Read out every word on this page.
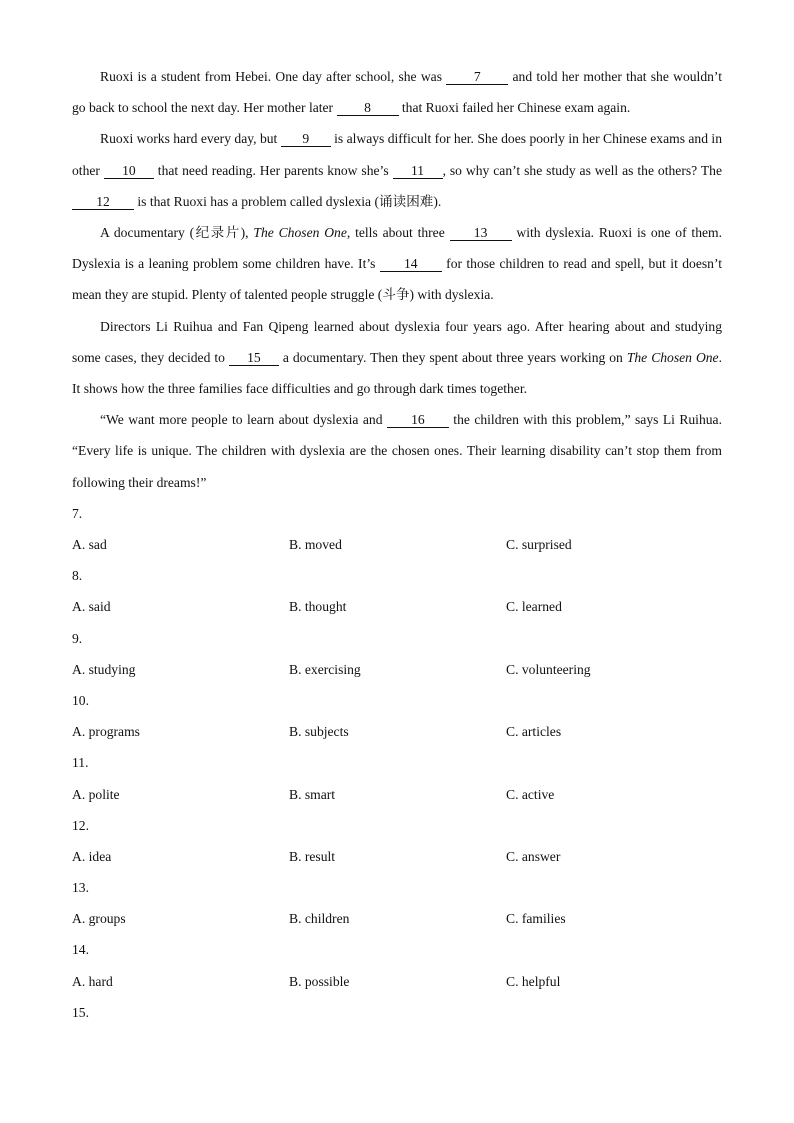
Ruoxi is a student from Hebei. One day after school, she was 7 and told her mother that she wouldn’t go back to school the next day. Her mother later 8 that Ruoxi failed her Chinese exam again.

Ruoxi works hard every day, but 9 is always difficult for her. She does poorly in her Chinese exams and in other 10 that need reading. Her parents know she’s 11 , so why can’t she study as well as the others? The 12 is that Ruoxi has a problem called dyslexia (诵读困难).

A documentary (纪录片), The Chosen One, tells about three 13 with dyslexia. Ruoxi is one of them. Dyslexia is a leaning problem some children have. It’s 14 for those children to read and spell, but it doesn’t mean they are stupid. Plenty of talented people struggle (斗争) with dyslexia.

Directors Li Ruihua and Fan Qipeng learned about dyslexia four years ago. After hearing about and studying some cases, they decided to 15 a documentary. Then they spent about three years working on The Chosen One. It shows how the three families face difficulties and go through dark times together.

“We want more people to learn about dyslexia and 16 the children with this problem,” says Li Ruihua. “Every life is unique. The children with dyslexia are the chosen ones. Their learning disability can’t stop them from following their dreams!”

7.
A. sad	B. moved	C. surprised
8.
A. said	B. thought	C. learned
9.
A. studying	B. exercising	C. volunteering
10.
A. programs	B. subjects	C. articles
11.
A. polite	B. smart	C. active
12.
A. idea	B. result	C. answer
13.
A. groups	B. children	C. families
14.
A. hard	B. possible	C. helpful
15.
